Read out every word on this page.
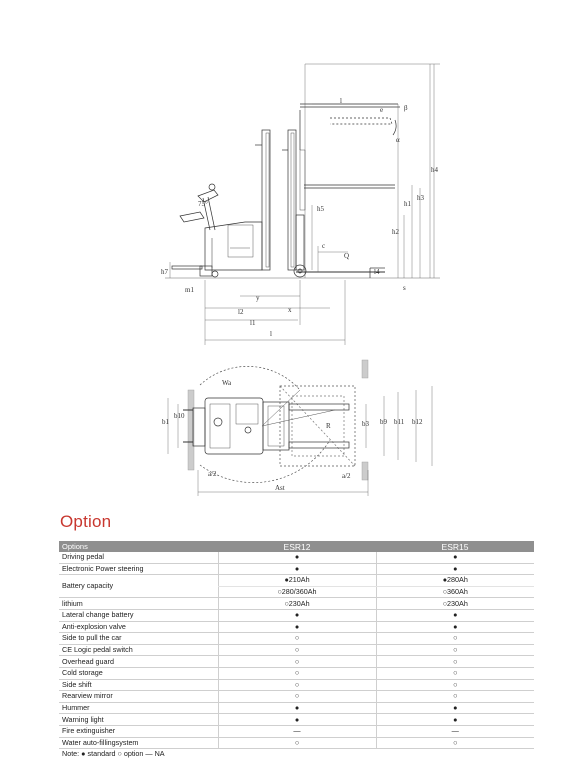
75°
l
e	β
α
h4
h3
h1
h2
h5
c
Q
l4
s
h7
m1
y
x
l2
l1
l
Wa
b1
b10
b3 b9 b11 b12
R
Ast
a/2	a/2
Option
Options	ESR12	ESR15
Driving pedal	●	●
Electronic Power steering	●	●
Battery capacity	●210Ah	●280Ah
	○280/360Ah	○360Ah
lithium	○230Ah	○230Ah
Lateral change battery	●	●
Anti-explosion valve	●	●
Side to pull the car	○	○
CE Logic pedal switch	○	○
Overhead guard	○	○
Cold storage	○	○
Side shift	○	○
Rearview mirror	○	○
Hummer	●	●
Warning light	●	●
Fire extinguisher	—	—
Water auto-fillingsystem	○	○
Note: ● standard ○ option — NA		
